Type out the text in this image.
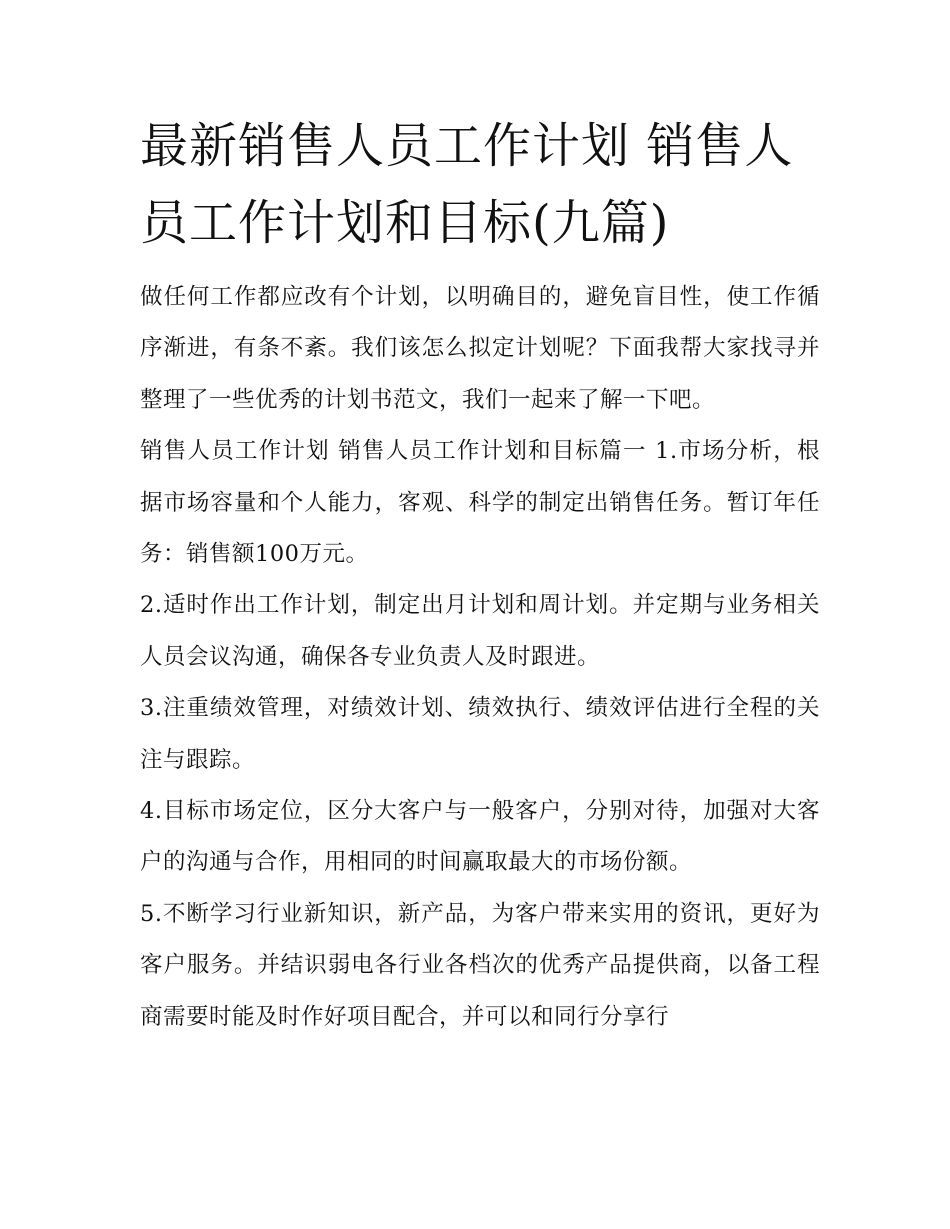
最新销售人员工作计划 销售人员工作计划和目标(九篇)

做任何工作都应改有个计划，以明确目的，避免盲目性，使工作循序渐进，有条不紊。我们该怎么拟定计划呢？下面我帮大家找寻并整理了一些优秀的计划书范文，我们一起来了解一下吧。

销售人员工作计划 销售人员工作计划和目标篇一 1.市场分析，根据市场容量和个人能力，客观、科学的制定出销售任务。暂订年任务：销售额100万元。

2.适时作出工作计划，制定出月计划和周计划。并定期与业务相关人员会议沟通，确保各专业负责人及时跟进。

3.注重绩效管理，对绩效计划、绩效执行、绩效评估进行全程的关注与跟踪。

4.目标市场定位，区分大客户与一般客户，分别对待，加强对大客户的沟通与合作，用相同的时间赢取最大的市场份额。

5.不断学习行业新知识，新产品，为客户带来实用的资讯，更好为客户服务。并结识弱电各行业各档次的优秀产品提供商，以备工程商需要时能及时作好项目配合，并可以和同行分享行
